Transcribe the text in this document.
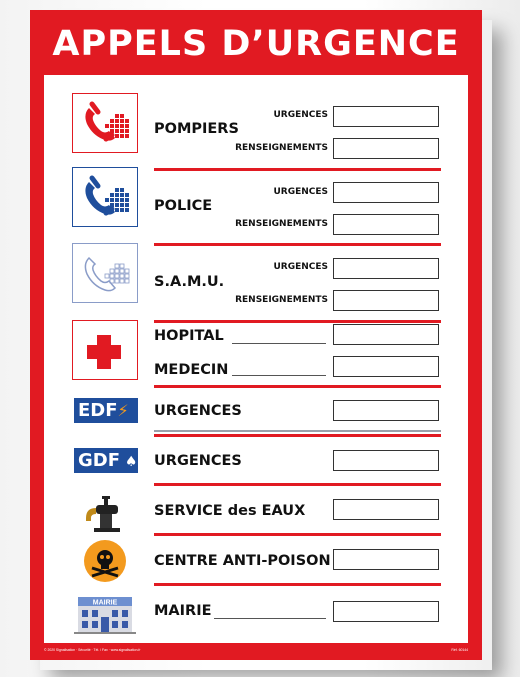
APPELS D’URGENCE
POMPIERS
URGENCES
RENSEIGNEMENTS
POLICE
URGENCES
RENSEIGNEMENTS
S.A.M.U.
URGENCES
RENSEIGNEMENTS
HOPITAL
MEDECIN
EDF⚡	URGENCES
GDF ♠ URGENCES
SERVICE des EAUX
CENTRE ANTI-POISON
MAIRIE	MAIRIE
© 2020 Signalisation · Sécurité · Tél. / Fax · www.signalisation.fr	Réf. 60144
